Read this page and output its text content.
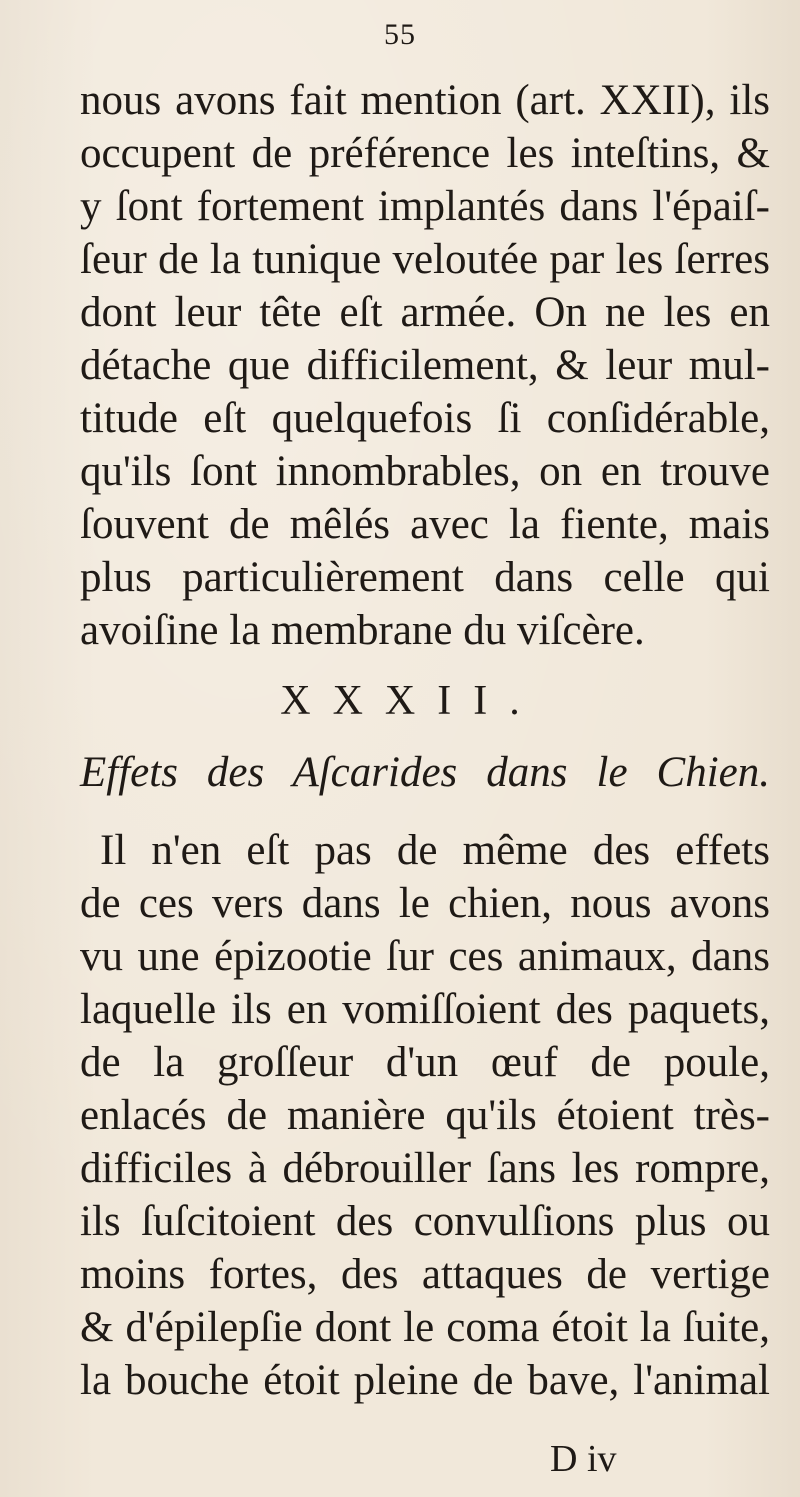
55
nous avons fait mention (art. XXII), ils
occupent de préférence les inteſtins, &
y ſont fortement implantés dans l'épaiſ-
ſeur de la tunique veloutée par les ſerres
dont leur tête eſt armée. On ne les en
détache que difficilement, & leur mul-
titude eſt quelquefois ſi conſidérable,
qu'ils ſont innombrables, on en trouve
ſouvent de mêlés avec la fiente, mais
plus particulièrement dans celle qui
avoiſine la membrane du viſcère.
XXXII.
Effets des Aſcarides dans le Chien.
Il n'en eſt pas de même des effets
de ces vers dans le chien, nous avons
vu une épizootie ſur ces animaux, dans
laquelle ils en vomiſſoient des paquets,
de la groſſeur d'un œuf de poule,
enlacés de manière qu'ils étoient très-
difficiles à débrouiller ſans les rompre,
ils ſuſcitoient des convulſions plus ou
moins fortes, des attaques de vertige
& d'épilepſie dont le coma étoit la ſuite,
la bouche étoit pleine de bave, l'animal
D iv
